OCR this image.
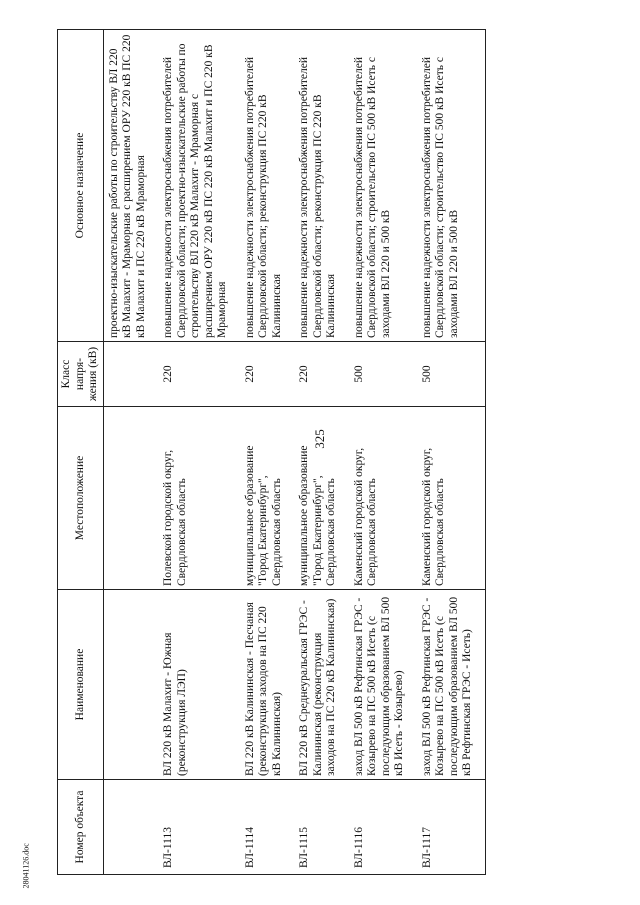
325
Номер объекта	Наименование	Местоположение	Класс напря-жения (кВ)	Основное назначение
				проектно-изыскательские работы по строительству ВЛ 220 кВ Малахит - Мраморная с расширением ОРУ 220 кВ ПС 220 кВ Малахит и ПС 220 кВ Мраморная
ВЛ-1113	ВЛ 220 кВ Малахит - Южная (реконструкция ЛЭП)	Полевской городской округ, Свердловская область	220	повышение надежности электроснабжения потребителей Свердловской области; проектно-изыскательские работы по строительству ВЛ 220 кВ Малахит - Мраморная с расширением ОРУ 220 кВ ПС 220 кВ Малахит и ПС 220 кВ Мраморная
ВЛ-1114	ВЛ 220 кВ Калининская - Песчаная (реконструкция заходов на ПС 220 кВ Калининская)	муниципальное образование "Город Екатеринбург", Свердловская область	220	повышение надежности электроснабжения потребителей Свердловской области; реконструкция ПС 220 кВ Калининская
ВЛ-1115	ВЛ 220 кВ Среднеуральская ГРЭС - Калининская (реконструкция заходов на ПС 220 кВ Калининская)	муниципальное образование "Город Екатеринбург", Свердловская область	220	повышение надежности электроснабжения потребителей Свердловской области; реконструкция ПС 220 кВ Калининская
ВЛ-1116	заход ВЛ 500 кВ Рефтинская ГРЭС - Козырево на ПС 500 кВ Исеть (с последующим образованием ВЛ 500 кВ Исеть - Козырево)	Каменский городской округ, Свердловская область	500	повышение надежности электроснабжения потребителей Свердловской области; строительство ПС 500 кВ Исеть с заходами ВЛ 220 и 500 кВ
ВЛ-1117	заход ВЛ 500 кВ Рефтинская ГРЭС - Козырево на ПС 500 кВ Исеть (с последующим образованием ВЛ 500 кВ Рефтинская ГРЭС - Исеть)	Каменский городской округ, Свердловская область	500	повышение надежности электроснабжения потребителей Свердловской области; строительство ПС 500 кВ Исеть с заходами ВЛ 220 и 500 кВ
28041126.doc
